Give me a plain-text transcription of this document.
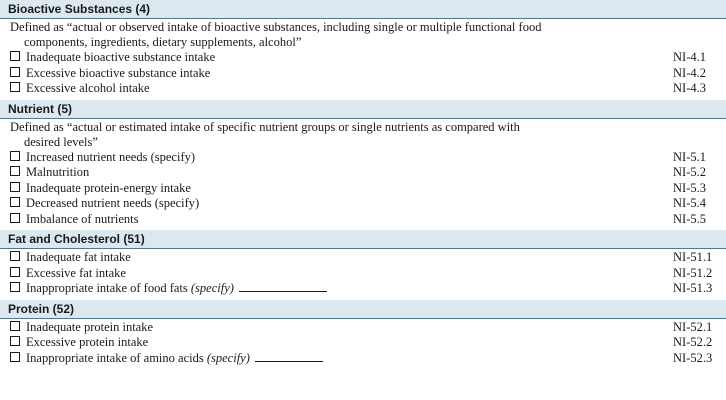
Bioactive Substances (4)
Defined as “actual or observed intake of bioactive substances, including single or multiple functional food
components, ingredients, dietary supplements, alcohol”
Inadequate bioactive substance intake	NI-4.1
Excessive bioactive substance intake	NI-4.2
Excessive alcohol intake	NI-4.3
Nutrient (5)
Defined as “actual or estimated intake of specific nutrient groups or single nutrients as compared with
desired levels”
Increased nutrient needs (specify)	NI-5.1
Malnutrition	NI-5.2
Inadequate protein-energy intake	NI-5.3
Decreased nutrient needs (specify)	NI-5.4
Imbalance of nutrients	NI-5.5
Fat and Cholesterol (51)
Inadequate fat intake	NI-51.1
Excessive fat intake	NI-51.2
Inappropriate intake of food fats (specify)	NI-51.3
Protein (52)
Inadequate protein intake	NI-52.1
Excessive protein intake	NI-52.2
Inappropriate intake of amino acids (specify)	NI-52.3
